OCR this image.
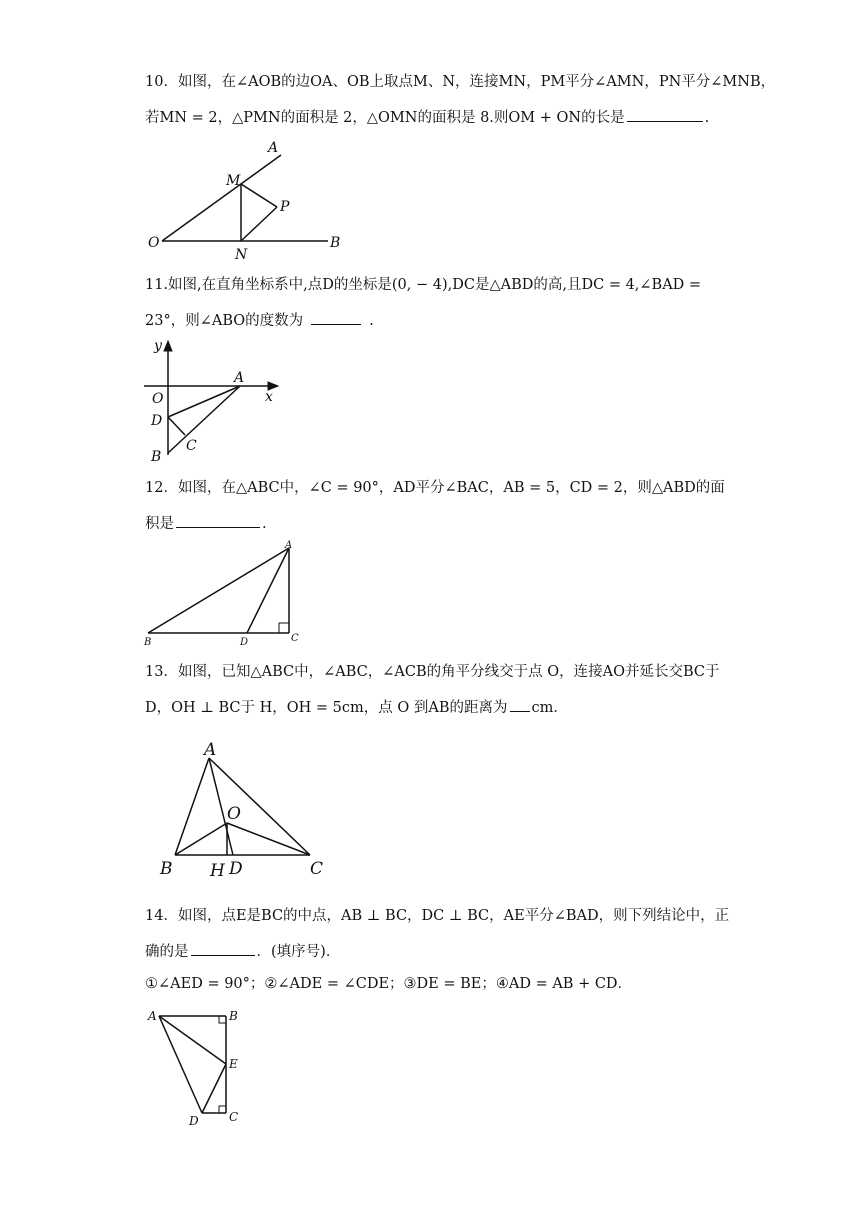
10．如图，在∠AOB的边OA、OB上取点M、N，连接MN，PM平分∠AMN，PN平分∠MNB，
若MN = 2，△PMN的面积是 2，△OMN的面积是 8.则OM + ON的长是	.
A
M
P
O
N
B
11.如图,在直角坐标系中,点D的坐标是(0, − 4),DC是△ABD的高,且DC = 4,∠BAD =
23°，则∠ABO的度数为	.
y
A
x
O
D
C
B
12．如图，在△ABC中，∠C = 90°，AD平分∠BAC，AB = 5，CD = 2，则△ABD的面
积是	.
A
B	D	C
13．如图，已知△ABC中，∠ABC，∠ACB的角平分线交于点 O，连接AO并延长交BC于
D，OH ⊥ BC于 H，OH = 5cm，点 O 到AB的距离为 cm．
A
O
B H D	C
14．如图，点E是BC的中点，AB ⊥ BC，DC ⊥ BC，AE平分∠BAD，则下列结论中，正
确的是	．(填序号)．
①∠AED = 90°；②∠ADE = ∠CDE；③DE = BE；④AD = AB + CD．
A	B
E
D	C
